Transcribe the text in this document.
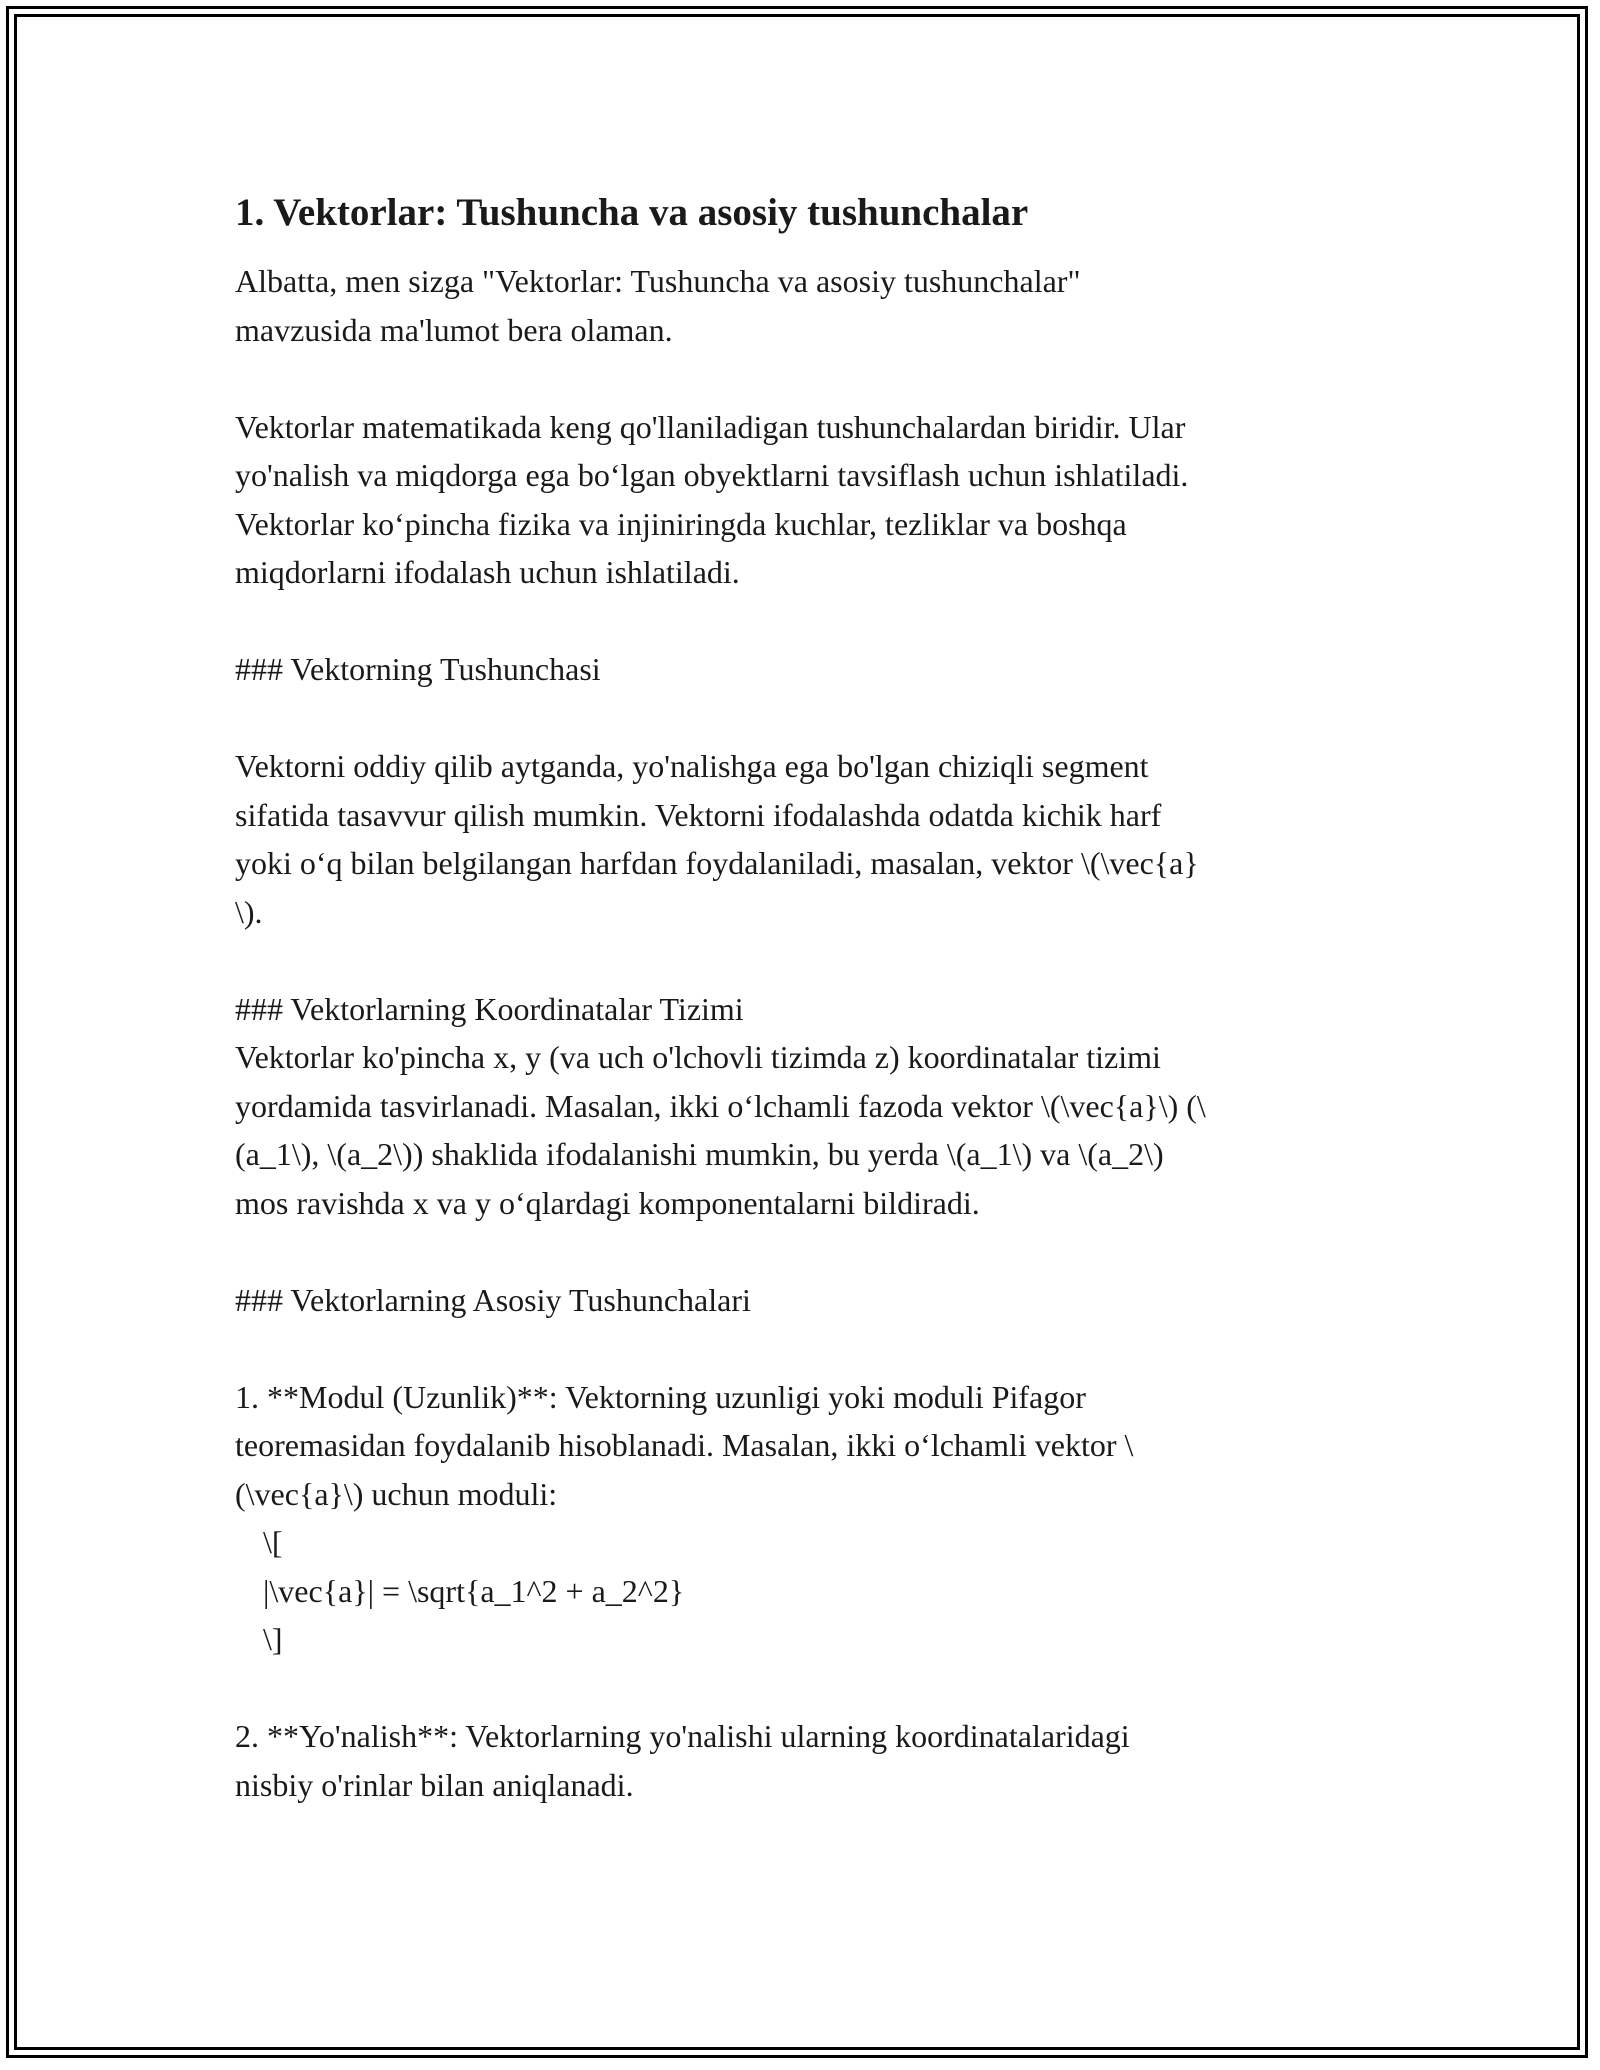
1. Vektorlar: Tushuncha va asosiy tushunchalar

Albatta, men sizga "Vektorlar: Tushuncha va asosiy tushunchalar"
mavzusida ma'lumot bera olaman.

Vektorlar matematikada keng qo'llaniladigan tushunchalardan biridir. Ular
yo'nalish va miqdorga ega boʻlgan obyektlarni tavsiflash uchun ishlatiladi.
Vektorlar koʻpincha fizika va injiniringda kuchlar, tezliklar va boshqa
miqdorlarni ifodalash uchun ishlatiladi.

### Vektorning Tushunchasi

Vektorni oddiy qilib aytganda, yo'nalishga ega bo'lgan chiziqli segment
sifatida tasavvur qilish mumkin. Vektorni ifodalashda odatda kichik harf
yoki oʻq bilan belgilangan harfdan foydalaniladi, masalan, vektor \(\vec{a}
\).

### Vektorlarning Koordinatalar Tizimi
Vektorlar ko'pincha x, y (va uch o'lchovli tizimda z) koordinatalar tizimi
yordamida tasvirlanadi. Masalan, ikki oʻlchamli fazoda vektor \(\vec{a}\) (\
(a_1\), \(a_2\)) shaklida ifodalanishi mumkin, bu yerda \(a_1\) va \(a_2\)
mos ravishda x va y oʻqlardagi komponentalarni bildiradi.

### Vektorlarning Asosiy Tushunchalari

1. **Modul (Uzunlik)**: Vektorning uzunligi yoki moduli Pifagor
teoremasidan foydalanib hisoblanadi. Masalan, ikki oʻlchamli vektor \
(\vec{a}\) uchun moduli:
\[
|\vec{a}| = \sqrt{a_1^2 + a_2^2}
\]

2. **Yo'nalish**: Vektorlarning yo'nalishi ularning koordinatalaridagi
nisbiy o'rinlar bilan aniqlanadi.
